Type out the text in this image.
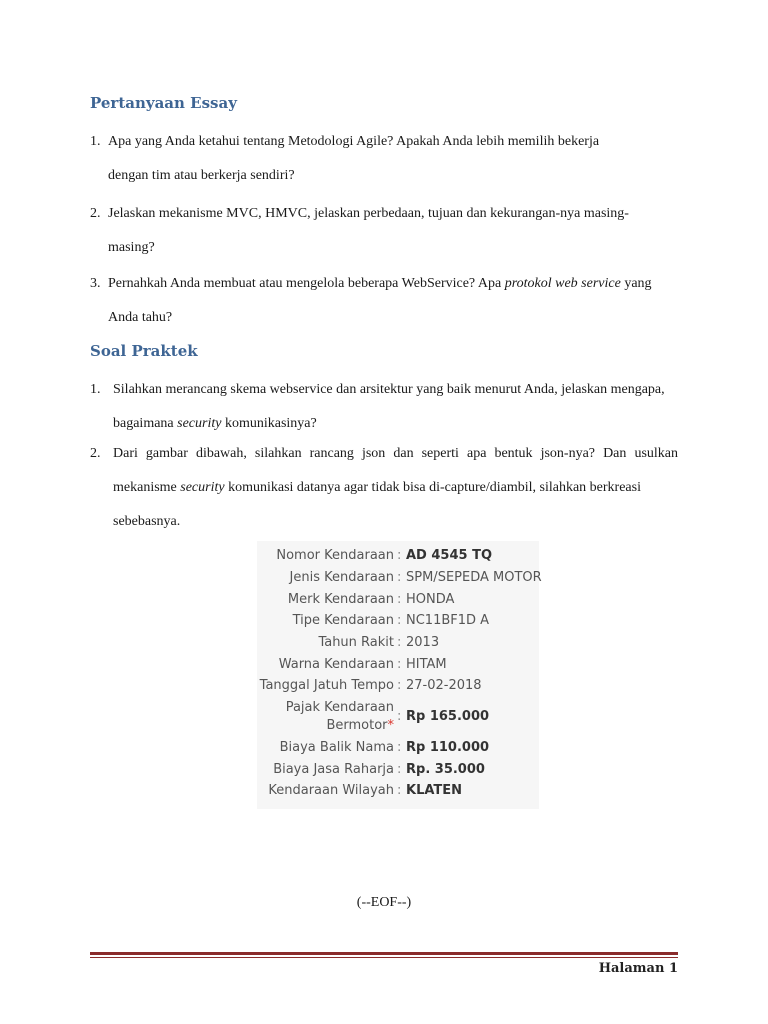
Pertanyaan Essay
1. Apa yang Anda ketahui tentang Metodologi Agile? Apakah Anda lebih memilih bekerja
dengan tim atau berkerja sendiri?
2. Jelaskan mekanisme MVC, HMVC, jelaskan perbedaan, tujuan dan kekurangan-nya masing-
masing?
3. Pernahkah Anda membuat atau mengelola beberapa WebService? Apa protokol web service yang
Anda tahu?
Soal Praktek
1. Silahkan merancang skema webservice dan arsitektur yang baik menurut Anda, jelaskan mengapa,
bagaimana security komunikasinya?
2. Dari gambar dibawah, silahkan rancang json dan seperti apa bentuk json-nya? Dan usulkan mekanisme security komunikasi datanya agar tidak bisa di-capture/diambil, silahkan berkreasi
sebebasnya.
Nomor Kendaraan : AD 4545 TQ
Jenis Kendaraan : SPM/SEPEDA MOTOR
Merk Kendaraan : HONDA
Tipe Kendaraan : NC11BF1D A
Tahun Rakit : 2013
Warna Kendaraan : HITAM
Tanggal Jatuh Tempo : 27-02-2018
Pajak Kendaraan
: Rp 165.000
Bermotor*
Biaya Balik Nama : Rp 110.000
Biaya Jasa Raharja : Rp. 35.000
Kendaraan Wilayah : KLATEN
(--EOF--)
Halaman 1
